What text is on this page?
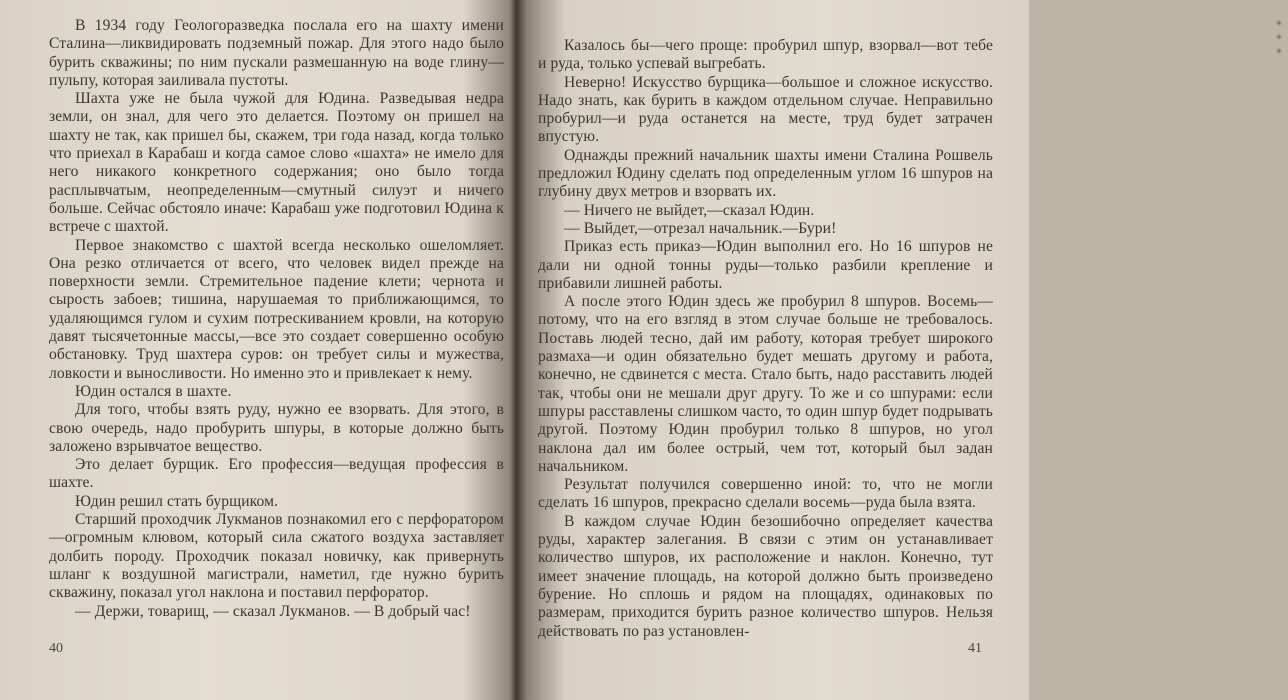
В 1934 году Геологоразведка послала его на шахту имени Сталина—ликвидировать подземный пожар. Для этого надо было бурить скважины; по ним пускали размешанную на воде глину—пульпу, которая заиливала пустоты.

Шахта уже не была чужой для Юдина. Разведывая недра земли, он знал, для чего это делается. Поэтому он пришел на шахту не так, как пришел бы, скажем, три года назад, когда только что приехал в Карабаш и когда самое слово «шахта» не имело для него никакого конкретного содержания; оно было тогда расплывчатым, неопределенным—смутный силуэт и ничего больше. Сейчас обстояло иначе: Карабаш уже подготовил Юдина к встрече с шахтой.

Первое знакомство с шахтой всегда несколько ошеломляет. Она резко отличается от всего, что человек видел прежде на поверхности земли. Стремительное падение клети; чернота и сырость забоев; тишина, нарушаемая то приближающимся, то удаляющимся гулом и сухим потрескиванием кровли, на которую давят тысячетонные массы,—все это создает совершенно особую обстановку. Труд шахтера суров: он требует силы и мужества, ловкости и выносливости. Но именно это и привлекает к нему.

Юдин остался в шахте.

Для того, чтобы взять руду, нужно ее взорвать. Для этого, в свою очередь, надо пробурить шпуры, в которые должно быть заложено взрывчатое вещество.

Это делает бурщик. Его профессия—ведущая профессия в шахте.

Юдин решил стать бурщиком.

Старший проходчик Лукманов познакомил его с перфоратором—огромным клювом, который сила сжатого воздуха заставляет долбить породу. Проходчик показал новичку, как привернуть шланг к воздушной магистрали, наметил, где нужно бурить скважину, показал угол наклона и поставил перфоратор.

— Держи, товарищ, — сказал Лукманов. — В добрый час!

40
* * *

Казалось бы—чего проще: пробурил шпур, взорвал—вот тебе и руда, только успевай выгребать.

Неверно! Искусство бурщика—большое и сложное искусство. Надо знать, как бурить в каждом отдельном случае. Неправильно пробурил—и руда останется на месте, труд будет затрачен впустую.

Однажды прежний начальник шахты имени Сталина Рошвель предложил Юдину сделать под определенным углом 16 шпуров на глубину двух метров и взорвать их.

— Ничего не выйдет,—сказал Юдин.

— Выйдет,—отрезал начальник.—Бури!

Приказ есть приказ—Юдин выполнил его. Но 16 шпуров не дали ни одной тонны руды—только разбили крепление и прибавили лишней работы.

А после этого Юдин здесь же пробурил 8 шпуров. Восемь—потому, что на его взгляд в этом случае больше не требовалось. Поставь людей тесно, дай им работу, которая требует широкого размаха—и один обязательно будет мешать другому и работа, конечно, не сдвинется с места. Стало быть, надо расставить людей так, чтобы они не мешали друг другу. То же и со шпурами: если шпуры расставлены слишком часто, то один шпур будет подрывать другой. Поэтому Юдин пробурил только 8 шпуров, но угол наклона дал им более острый, чем тот, который был задан начальником.

Результат получился совершенно иной: то, что не могли сделать 16 шпуров, прекрасно сделали восемь—руда была взята.

В каждом случае Юдин безошибочно определяет качества руды, характер залегания. В связи с этим он устанавливает количество шпуров, их расположение и наклон. Конечно, тут имеет значение площадь, на которой должно быть произведено бурение. Но сплошь и рядом на площадях, одинаковых по размерам, приходится бурить разное количество шпуров. Нельзя действовать по раз установлен-

41
